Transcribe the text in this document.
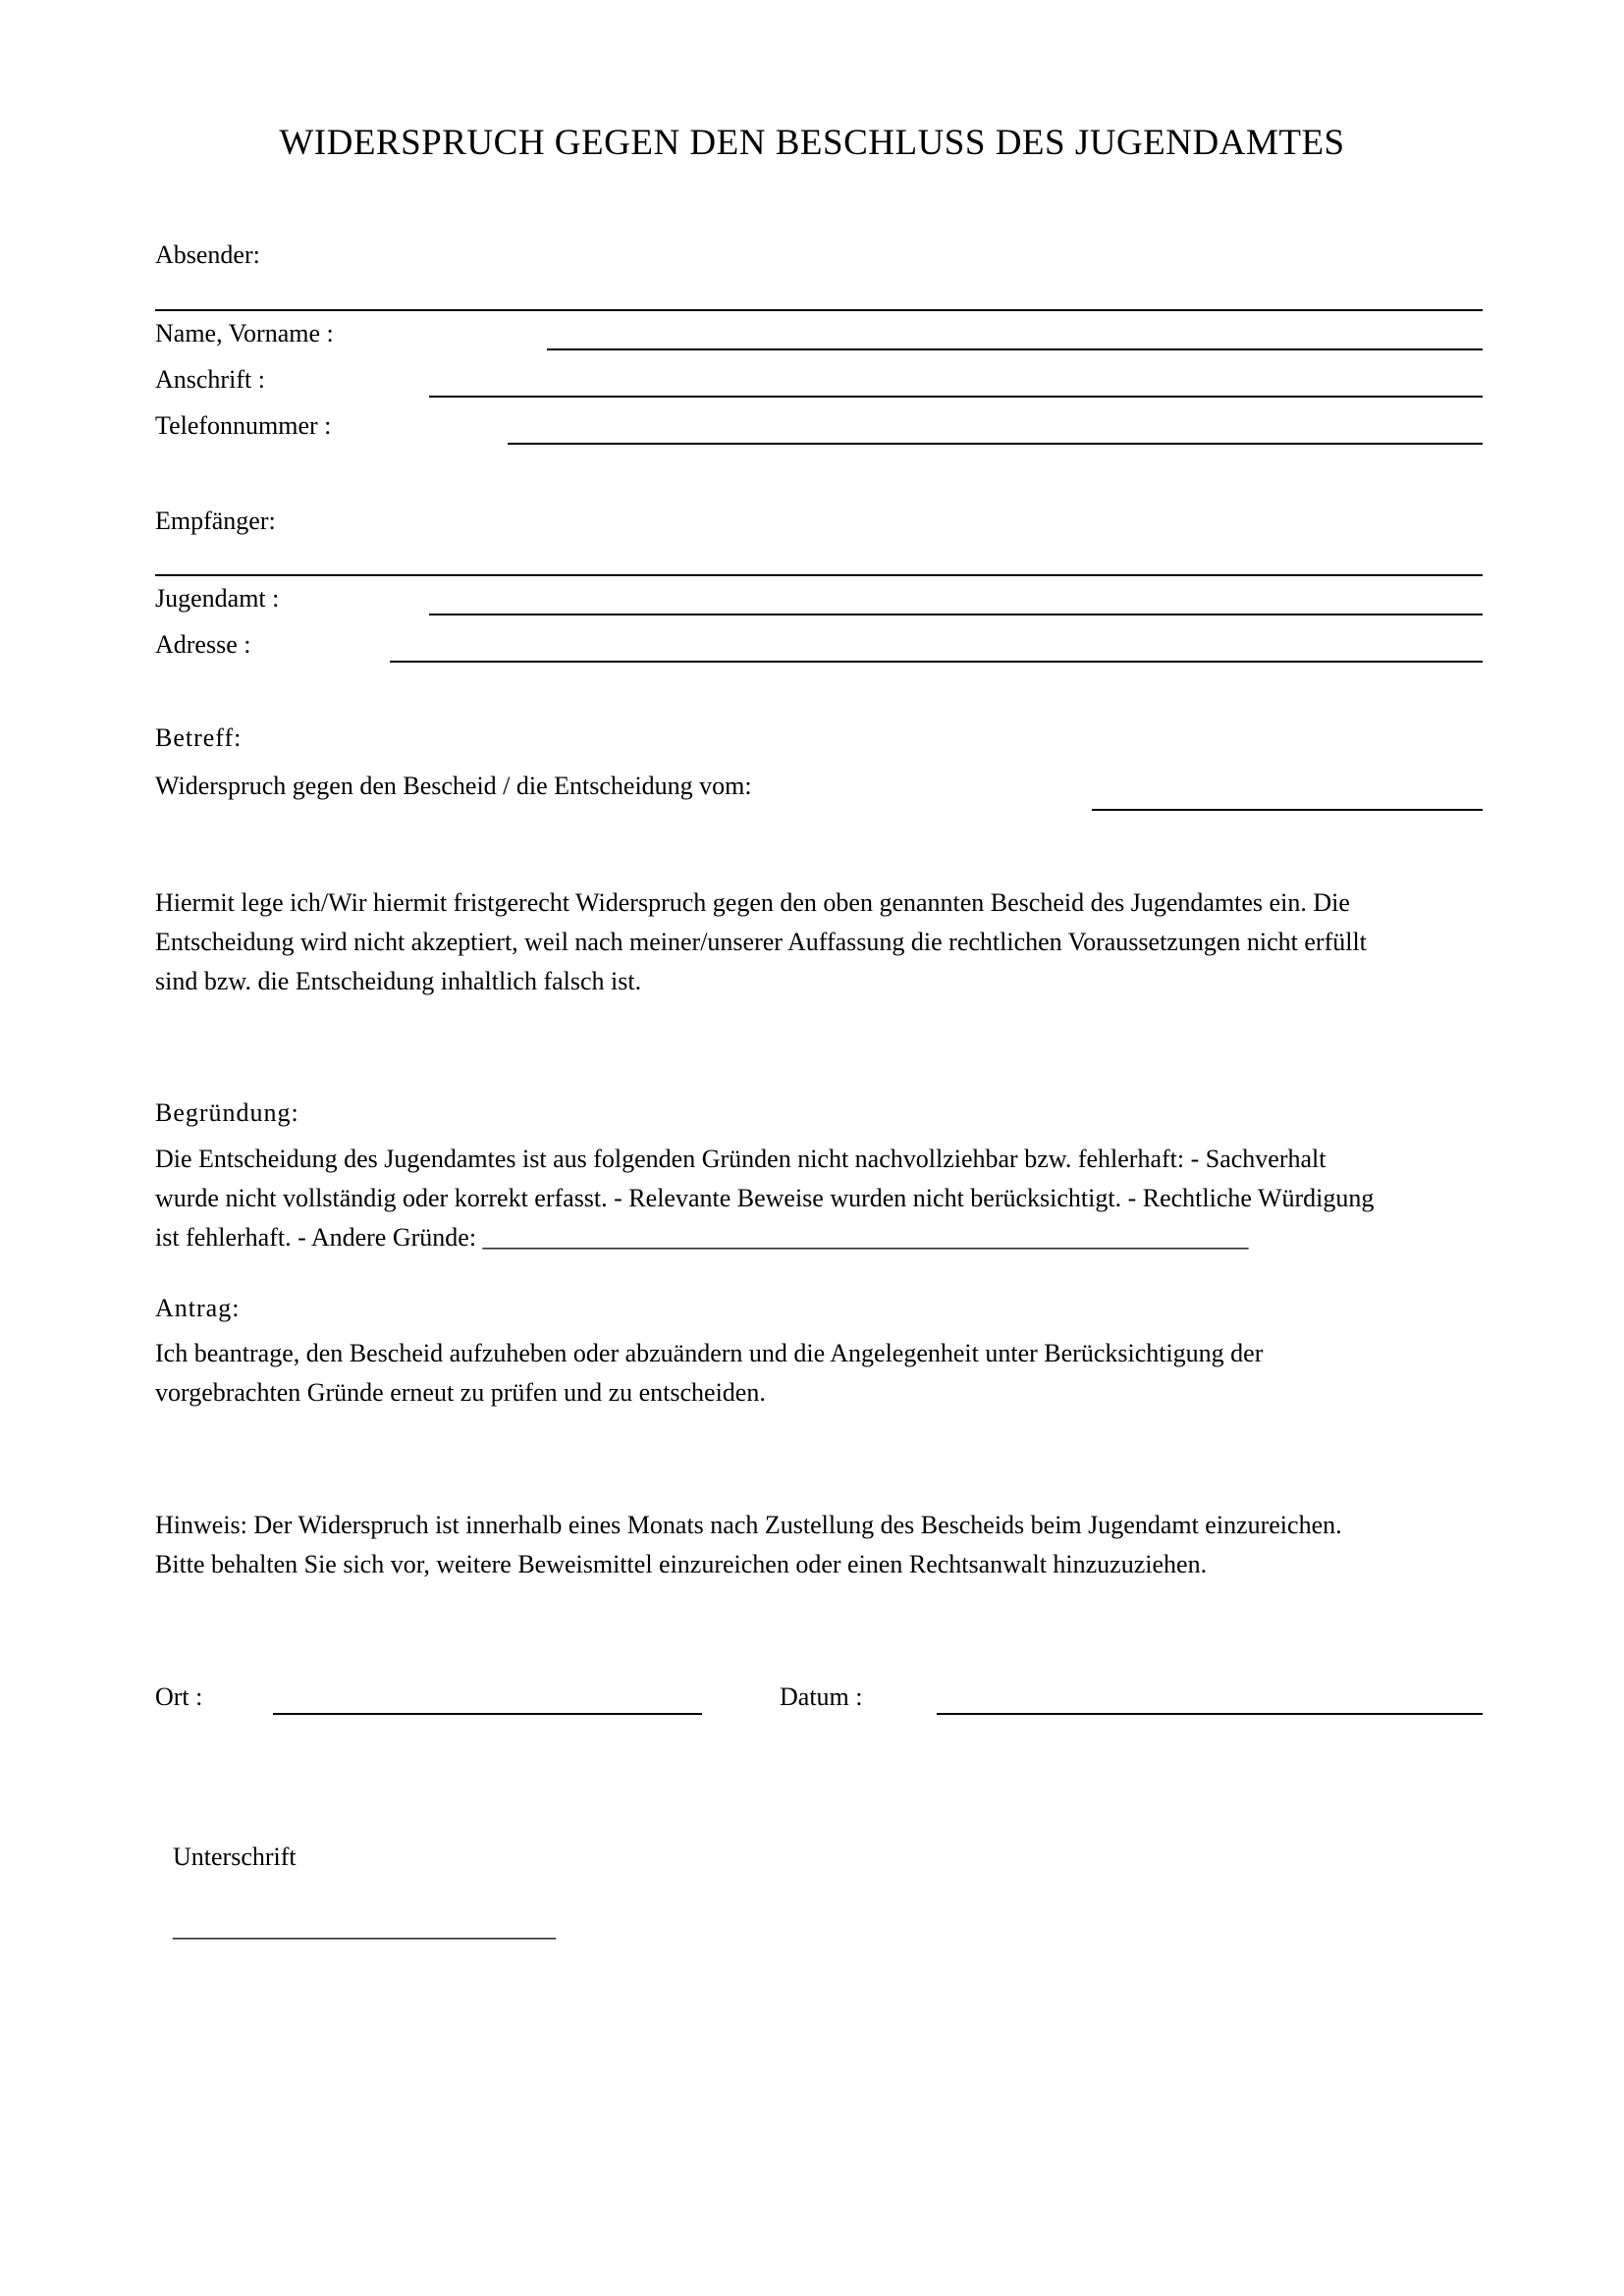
WIDERSPRUCH GEGEN DEN BESCHLUSS DES JUGENDAMTES
Absender:
Name, Vorname :
Anschrift :
Telefonnummer :
Empfänger:
Jugendamt :
Adresse :
Betreff:
Widerspruch gegen den Bescheid / die Entscheidung vom:
Hiermit lege ich/Wir hiermit fristgerecht Widerspruch gegen den oben genannten Bescheid des Jugendamtes ein. Die
Entscheidung wird nicht akzeptiert, weil nach meiner/unserer Auffassung die rechtlichen Voraussetzungen nicht erfüllt
sind bzw. die Entscheidung inhaltlich falsch ist.
Begründung:
Die Entscheidung des Jugendamtes ist aus folgenden Gründen nicht nachvollziehbar bzw. fehlerhaft: - Sachverhalt
wurde nicht vollständig oder korrekt erfasst. - Relevante Beweise wurden nicht berücksichtigt. - Rechtliche Würdigung
ist fehlerhaft. - Andere Gründe: ____________________________________________________________
Antrag:
Ich beantrage, den Bescheid aufzuheben oder abzuändern und die Angelegenheit unter Berücksichtigung der
vorgebrachten Gründe erneut zu prüfen und zu entscheiden.
Hinweis: Der Widerspruch ist innerhalb eines Monats nach Zustellung des Bescheids beim Jugendamt einzureichen.
Bitte behalten Sie sich vor, weitere Beweismittel einzureichen oder einen Rechtsanwalt hinzuzuziehen.
Ort :	Datum :
Unterschrift
______________________________
